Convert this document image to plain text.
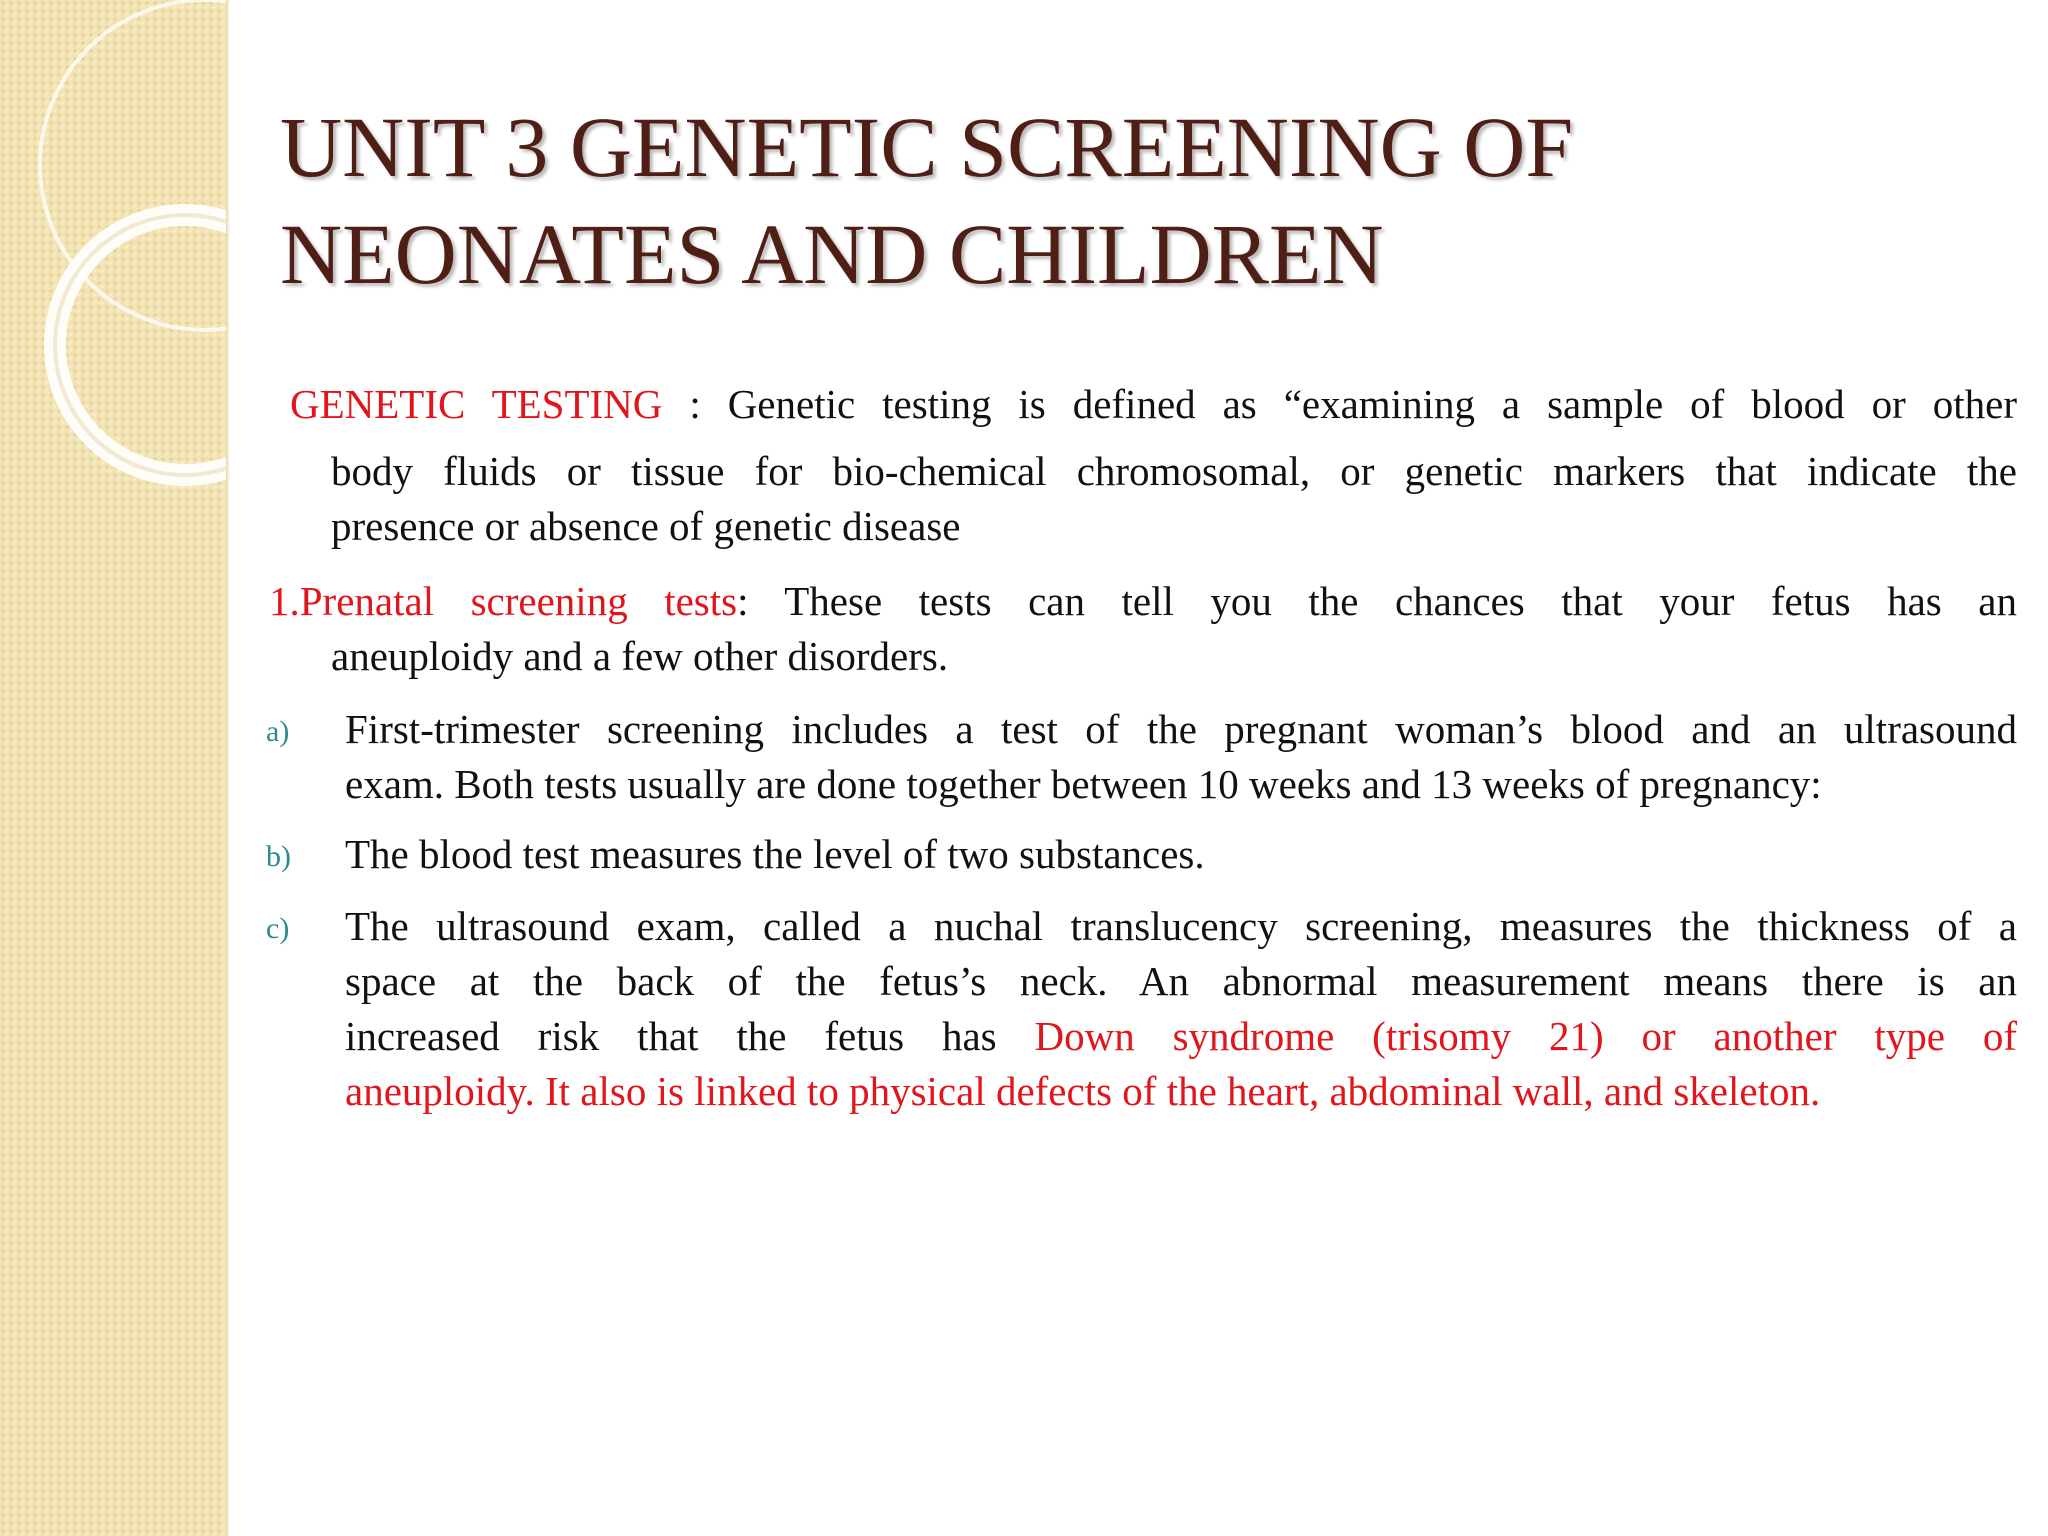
UNIT 3 GENETIC SCREENING OF
NEONATES AND CHILDREN
GENETIC TESTING : Genetic testing is defined as “examining a sample of blood or other
body fluids or tissue for bio-chemical chromosomal, or genetic markers that indicate the
presence or absence of genetic disease
1.Prenatal screening tests: These tests can tell you the chances that your fetus has an
aneuploidy and a few other disorders.
a) First-trimester screening includes a test of the pregnant woman’s blood and an ultrasound
exam. Both tests usually are done together between 10 weeks and 13 weeks of pregnancy:
b) The blood test measures the level of two substances.
c) The ultrasound exam, called a nuchal translucency screening, measures the thickness of a
space at the back of the fetus’s neck. An abnormal measurement means there is an
increased risk that the fetus has Down syndrome (trisomy 21) or another type of
aneuploidy. It also is linked to physical defects of the heart, abdominal wall, and skeleton.
